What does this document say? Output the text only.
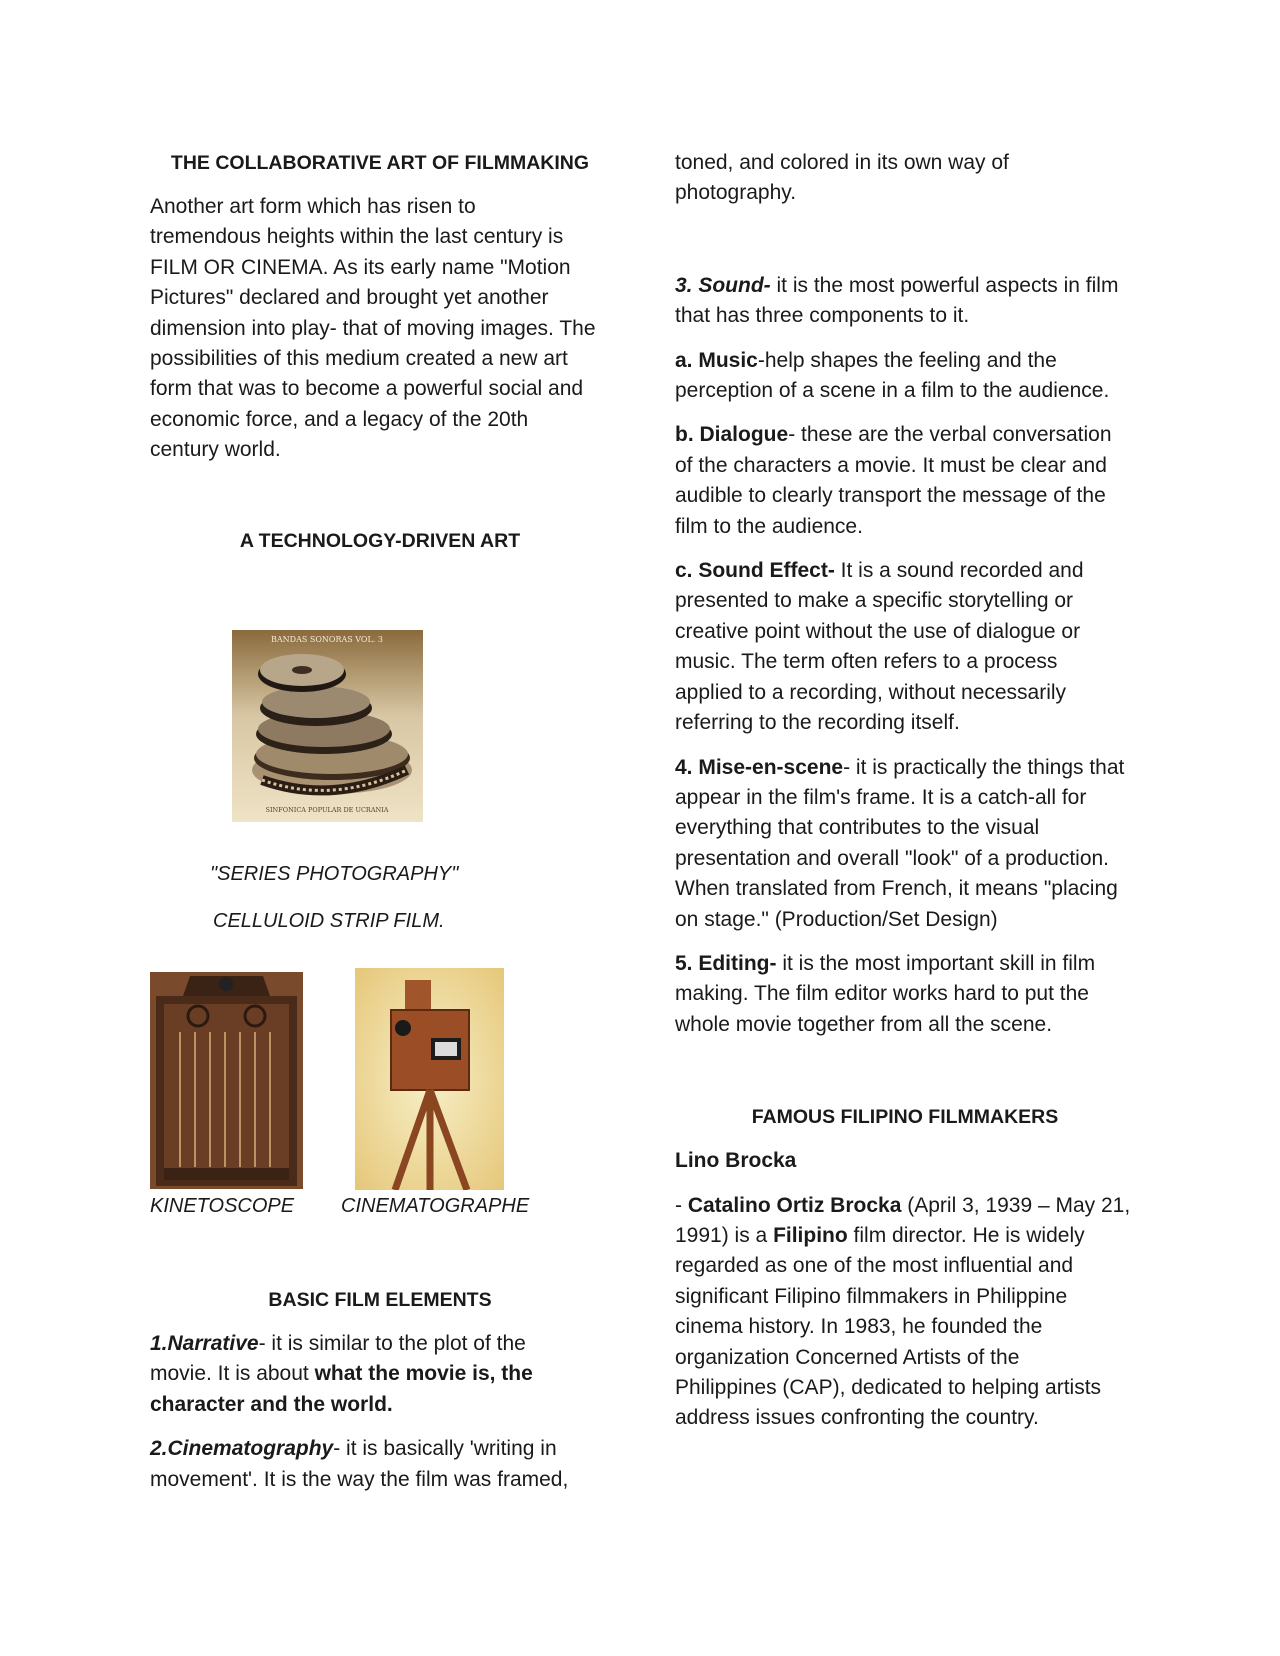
THE COLLABORATIVE ART OF FILMMAKING

Another art form which has risen to
tremendous heights within the last century is
FILM OR CINEMA. As its early name "Motion
Pictures" declared and brought yet another
dimension into play- that of moving images. The
possibilities of this medium created a new art
form that was to become a powerful social and
economic force, and a legacy of the 20th
century world.

A TECHNOLOGY-DRIVEN ART

BANDAS SONORAS VOL. 3
SINFONICA POPULAR DE UCRANIA
"SERIES PHOTOGRAPHY"
CELLULOID STRIP FILM.
KINETOSCOPE CINEMATOGRAPHE

BASIC FILM ELEMENTS

1.Narrative- it is similar to the plot of the
movie. It is about what the movie is, the
character and the world.
2.Cinematography- it is basically 'writing in
movement'. It is the way the film was framed,
toned, and colored in its own way of
photography.
3. Sound- it is the most powerful aspects in film
that has three components to it.
a. Music-help shapes the feeling and the
perception of a scene in a film to the audience.
b. Dialogue- these are the verbal conversation
of the characters a movie. It must be clear and
audible to clearly transport the message of the
film to the audience.
c. Sound Effect- It is a sound recorded and
presented to make a specific storytelling or
creative point without the use of dialogue or
music. The term often refers to a process
applied to a recording, without necessarily
referring to the recording itself.
4. Mise-en-scene- it is practically the things that
appear in the film's frame. It is a catch-all for
everything that contributes to the visual
presentation and overall "look" of a production.
When translated from French, it means "placing
on stage." (Production/Set Design)
5. Editing- it is the most important skill in film
making. The film editor works hard to put the
whole movie together from all the scene.

FAMOUS FILIPINO FILMMAKERS

Lino Brocka
- Catalino Ortiz Brocka (April 3, 1939 – May 21,
1991) is a Filipino film director. He is widely
regarded as one of the most influential and
significant Filipino filmmakers in Philippine
cinema history. In 1983, he founded the
organization Concerned Artists of the
Philippines (CAP), dedicated to helping artists
address issues confronting the country.
